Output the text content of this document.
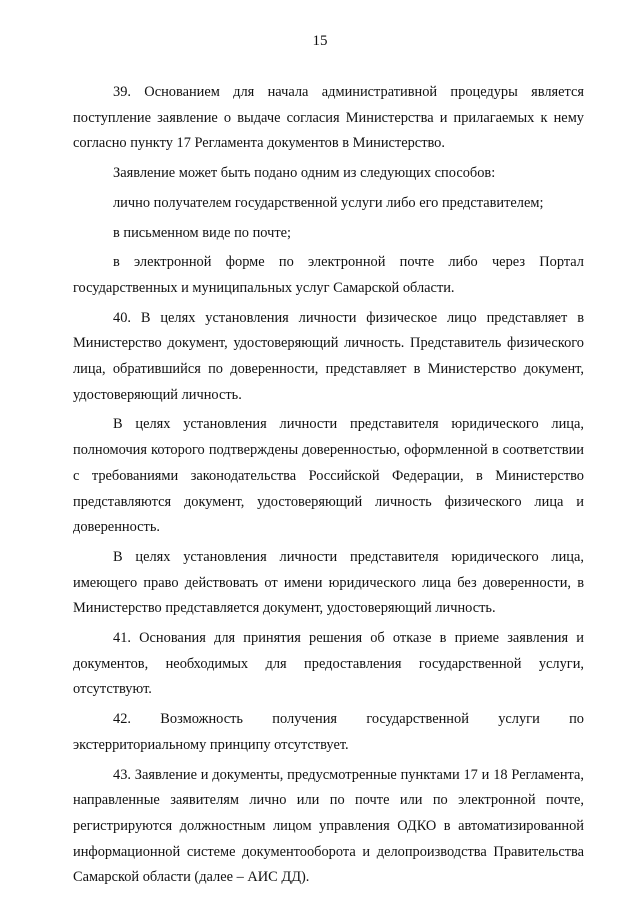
15

39. Основанием для начала административной процедуры является поступление заявление о выдаче согласия Министерства и прилагаемых к нему согласно пункту 17 Регламента документов в Министерство.

Заявление может быть подано одним из следующих способов:

лично получателем государственной услуги либо его представителем;

в письменном виде по почте;

в электронной форме по электронной почте либо через Портал государственных и муниципальных услуг Самарской области.

40. В целях установления личности физическое лицо представляет в Министерство документ, удостоверяющий личность. Представитель физического лица, обратившийся по доверенности, представляет в Министерство документ, удостоверяющий личность.

В целях установления личности представителя юридического лица, полномочия которого подтверждены доверенностью, оформленной в соответствии с требованиями законодательства Российской Федерации, в Министерство представляются документ, удостоверяющий личность физического лица и доверенность.

В целях установления личности представителя юридического лица, имеющего право действовать от имени юридического лица без доверенности, в Министерство представляется документ, удостоверяющий личность.

41. Основания для принятия решения об отказе в приеме заявления и документов, необходимых для предоставления государственной услуги, отсутствуют.

42. Возможность получения государственной услуги по экстерриториальному принципу отсутствует.

43. Заявление и документы, предусмотренные пунктами 17 и 18 Регламента, направленные заявителям лично или по почте или по электронной почте, регистрируются должностным лицом управления ОДКО в автоматизированной информационной системе документооборота и делопроизводства Правительства Самарской области (далее – АИС ДД).
